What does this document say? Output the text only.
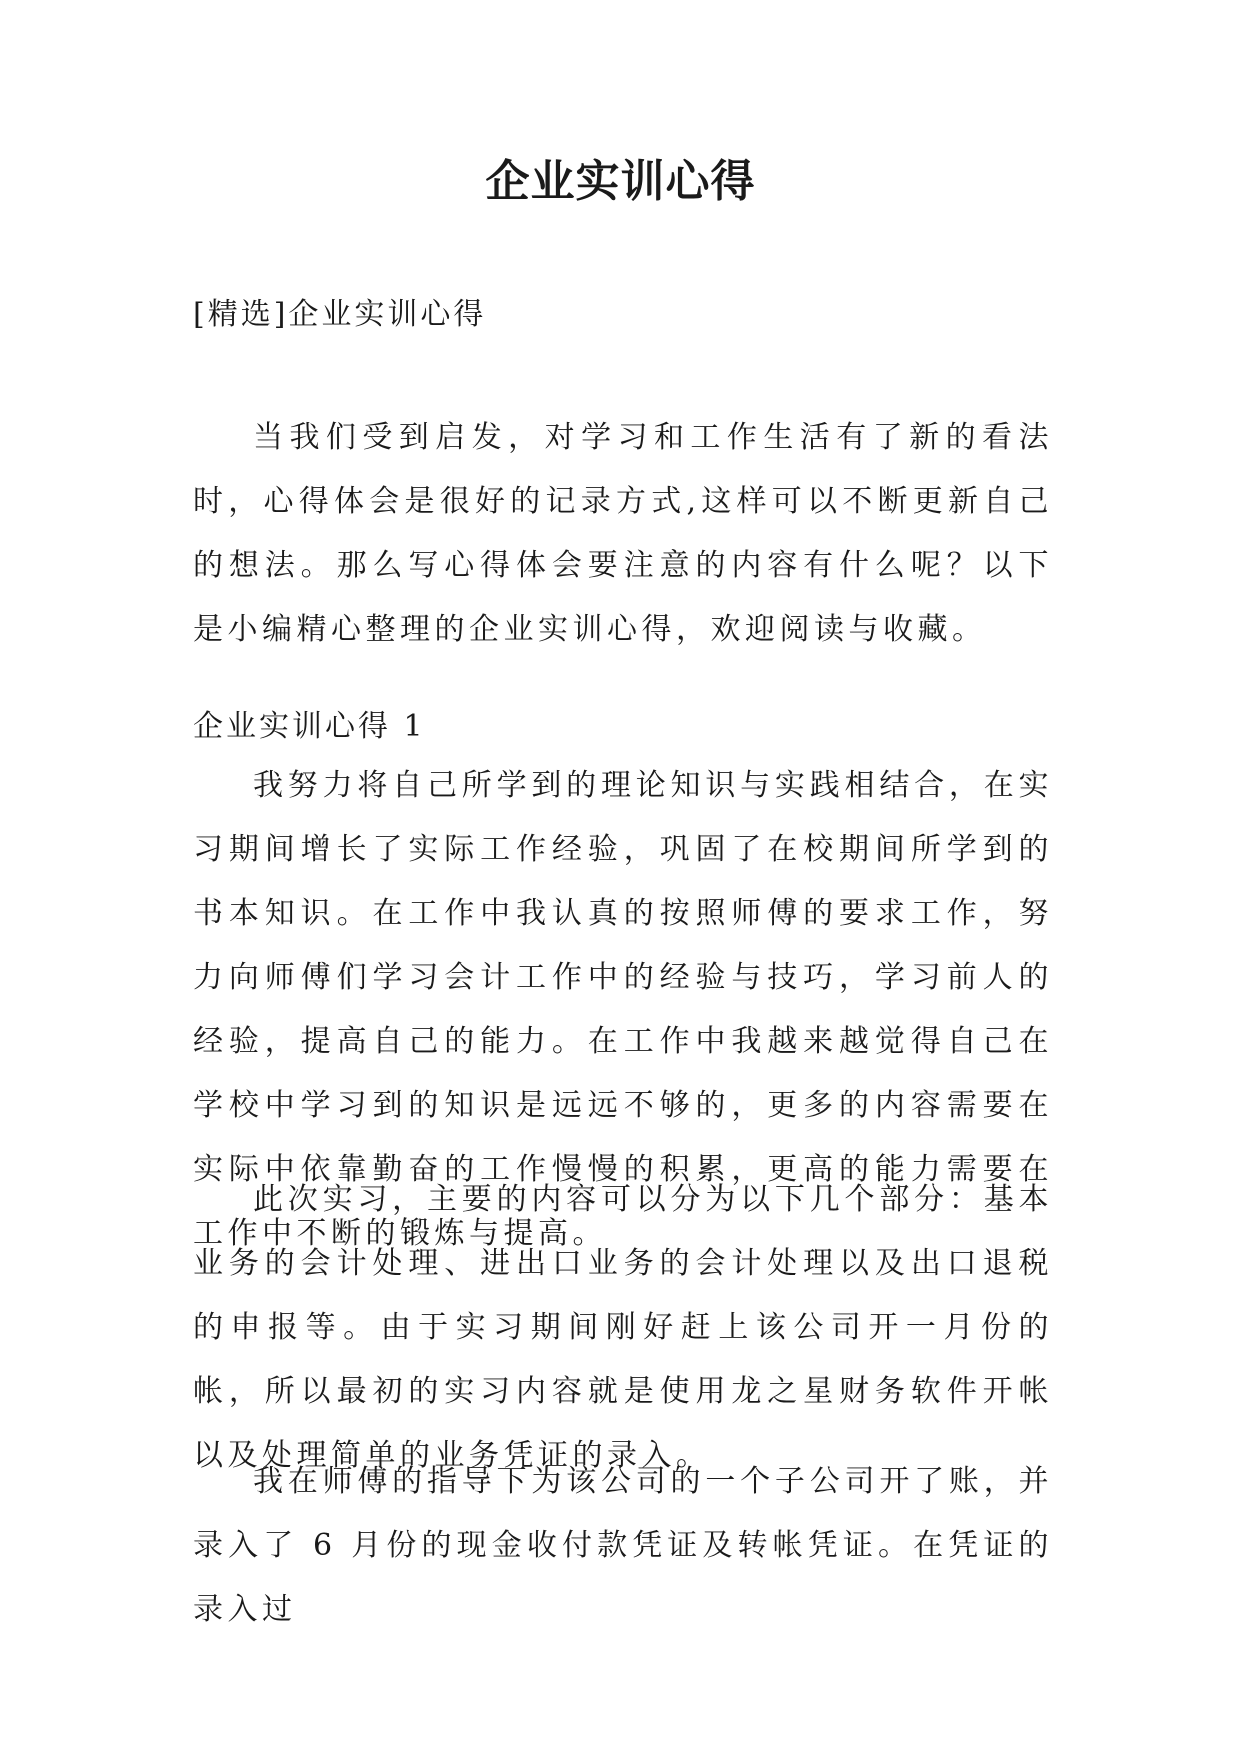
企业实训心得
[精选]企业实训心得

当我们受到启发，对学习和工作生活有了新的看法时，心得体会是很好的记录方式,这样可以不断更新自己的想法。那么写心得体会要注意的内容有什么呢？以下是小编精心整理的企业实训心得，欢迎阅读与收藏。

企业实训心得 1

我努力将自己所学到的理论知识与实践相结合，在实习期间增长了实际工作经验，巩固了在校期间所学到的书本知识。在工作中我认真的按照师傅的要求工作，努力向师傅们学习会计工作中的经验与技巧，学习前人的经验，提高自己的能力。在工作中我越来越觉得自己在学校中学习到的知识是远远不够的，更多的内容需要在实际中依靠勤奋的工作慢慢的积累，更高的能力需要在工作中不断的锻炼与提高。

此次实习，主要的内容可以分为以下几个部分：基本业务的会计处理、进出口业务的会计处理以及出口退税的申报等。由于实习期间刚好赶上该公司开一月份的帐，所以最初的实习内容就是使用龙之星财务软件开帐以及处理简单的业务凭证的录入。

我在师傅的指导下为该公司的一个子公司开了账，并录入了 6 月份的现金收付款凭证及转帐凭证。在凭证的录入过
